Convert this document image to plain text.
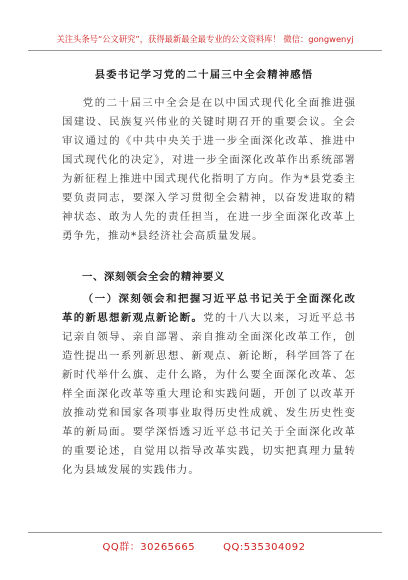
关注头条号“公文研究”，获得最新最全最专业的公文资料库！ 微信：gongwenyj
县委书记学习党的二十届三中全会精神感悟

党的二十届三中全会是在以中国式现代化全面推进强国建设、民族复兴伟业的关键时期召开的重要会议。全会审议通过的《中共中央关于进一步全面深化改革、推进中国式现代化的决定》，对进一步全面深化改革作出系统部署为新征程上推进中国式现代化指明了方向。作为*县党委主要负责同志，要深入学习贯彻全会精神，以奋发进取的精神状态、敢为人先的责任担当，在进一步全面深化改革上勇争先，推动*县经济社会高质量发展。

一、深刻领会全会的精神要义

（一）深刻领会和把握习近平总书记关于全面深化改革的新思想新观点新论断。党的十八大以来，习近平总书记亲自领导、亲自部署、亲自推动全面深化改革工作，创造性提出一系列新思想、新观点、新论断，科学回答了在新时代举什么旗、走什么路，为什么要全面深化改革、怎样全面深化改革等重大理论和实践问题，开创了以改革开放推动党和国家各项事业取得历史性成就、发生历史性变革的新局面。要学深悟透习近平总书记关于全面深化改革的重要论述，自觉用以指导改革实践，切实把真理力量转化为县域发展的实践伟力。

QQ群：30265665	QQ:535304092
